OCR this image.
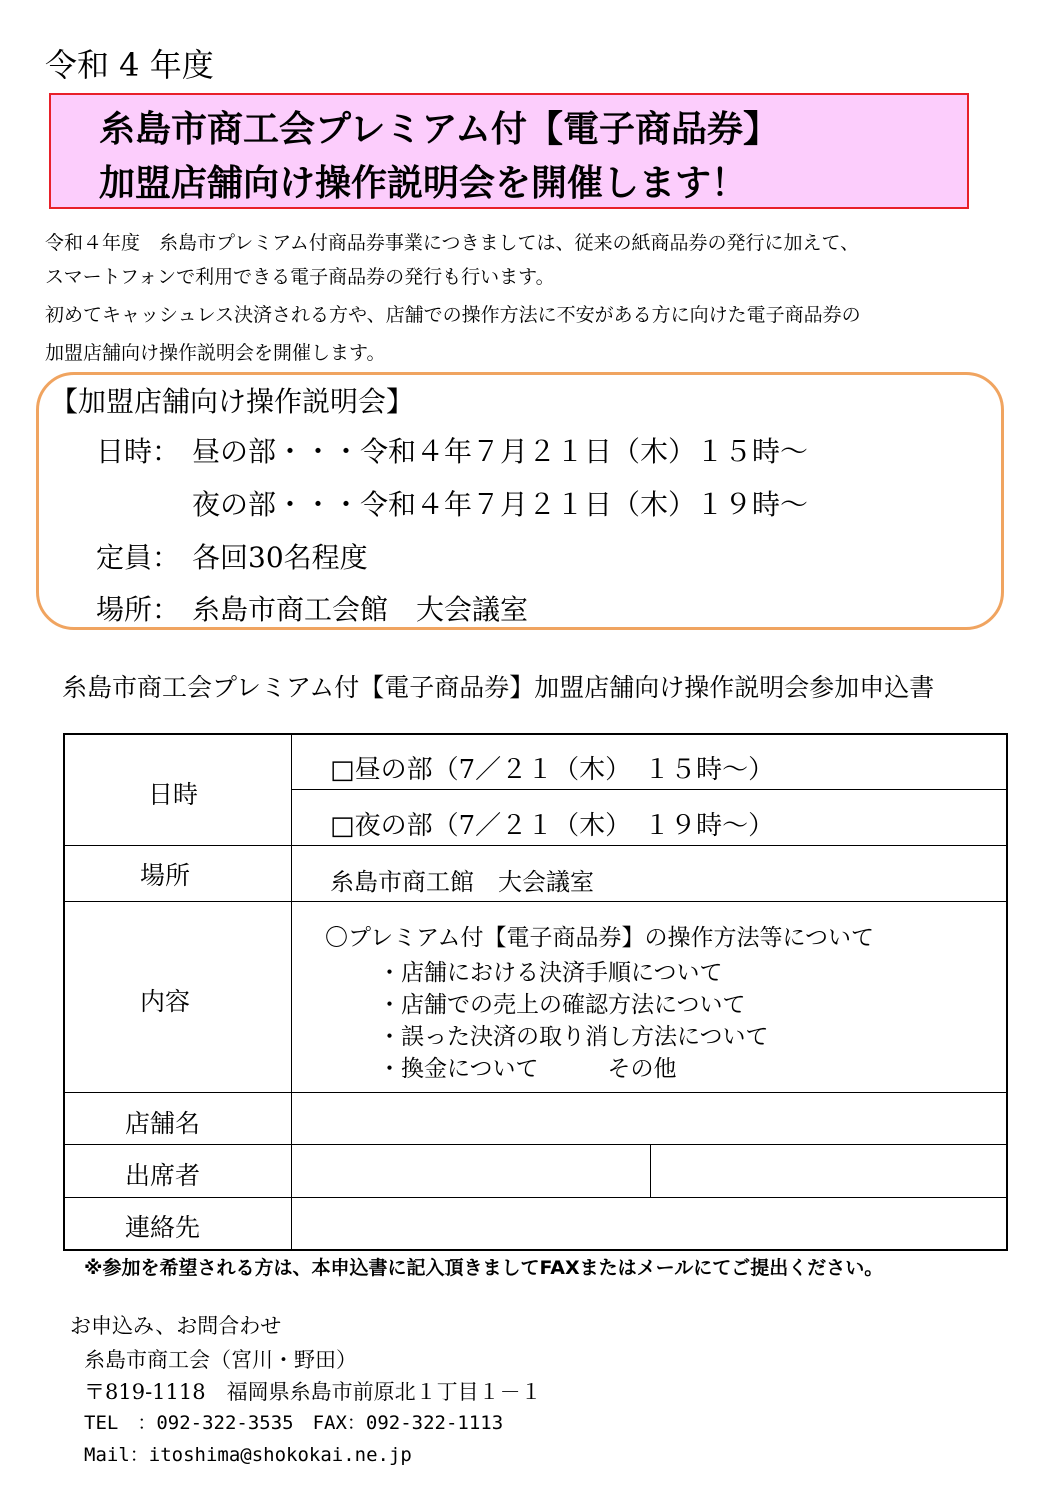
令和 4 年度
糸島市商工会プレミアム付【電子商品券】
加盟店舗向け操作説明会を開催します！
令和４年度　糸島市プレミアム付商品券事業につきましては、従来の紙商品券の発行に加えて、
スマートフォンで利用できる電子商品券の発行も行います。
初めてキャッシュレス決済される方や、店舗での操作方法に不安がある方に向けた電子商品券の
加盟店舗向け操作説明会を開催します。
【加盟店舗向け操作説明会】
日時： 昼の部・・・令和４年７月２１日（木）１５時～
夜の部・・・令和４年７月２１日（木）１９時～
定員： 各回30名程度
場所： 糸島市商工会館　大会議室
糸島市商工会プレミアム付【電子商品券】加盟店舗向け操作説明会参加申込書
日時
□昼の部（7／２１（木）　１５時～）
□夜の部（7／２１（木）　１９時～）
場所	糸島市商工館　大会議室
内容
〇プレミアム付【電子商品券】の操作方法等について
・店舗における決済手順について
・店舗での売上の確認方法について
・誤った決済の取り消し方法について
・換金について　　　その他
店舗名
出席者
連絡先
※参加を希望される方は、本申込書に記入頂きましてFAXまたはメールにてご提出ください。
お申込み、お問合わせ
糸島市商工会（宮川・野田）
〒819-1118　福岡県糸島市前原北１丁目１－１
TEL　：092-322-3535　FAX：092-322-1113
Mail：itoshima@shokokai.ne.jp
